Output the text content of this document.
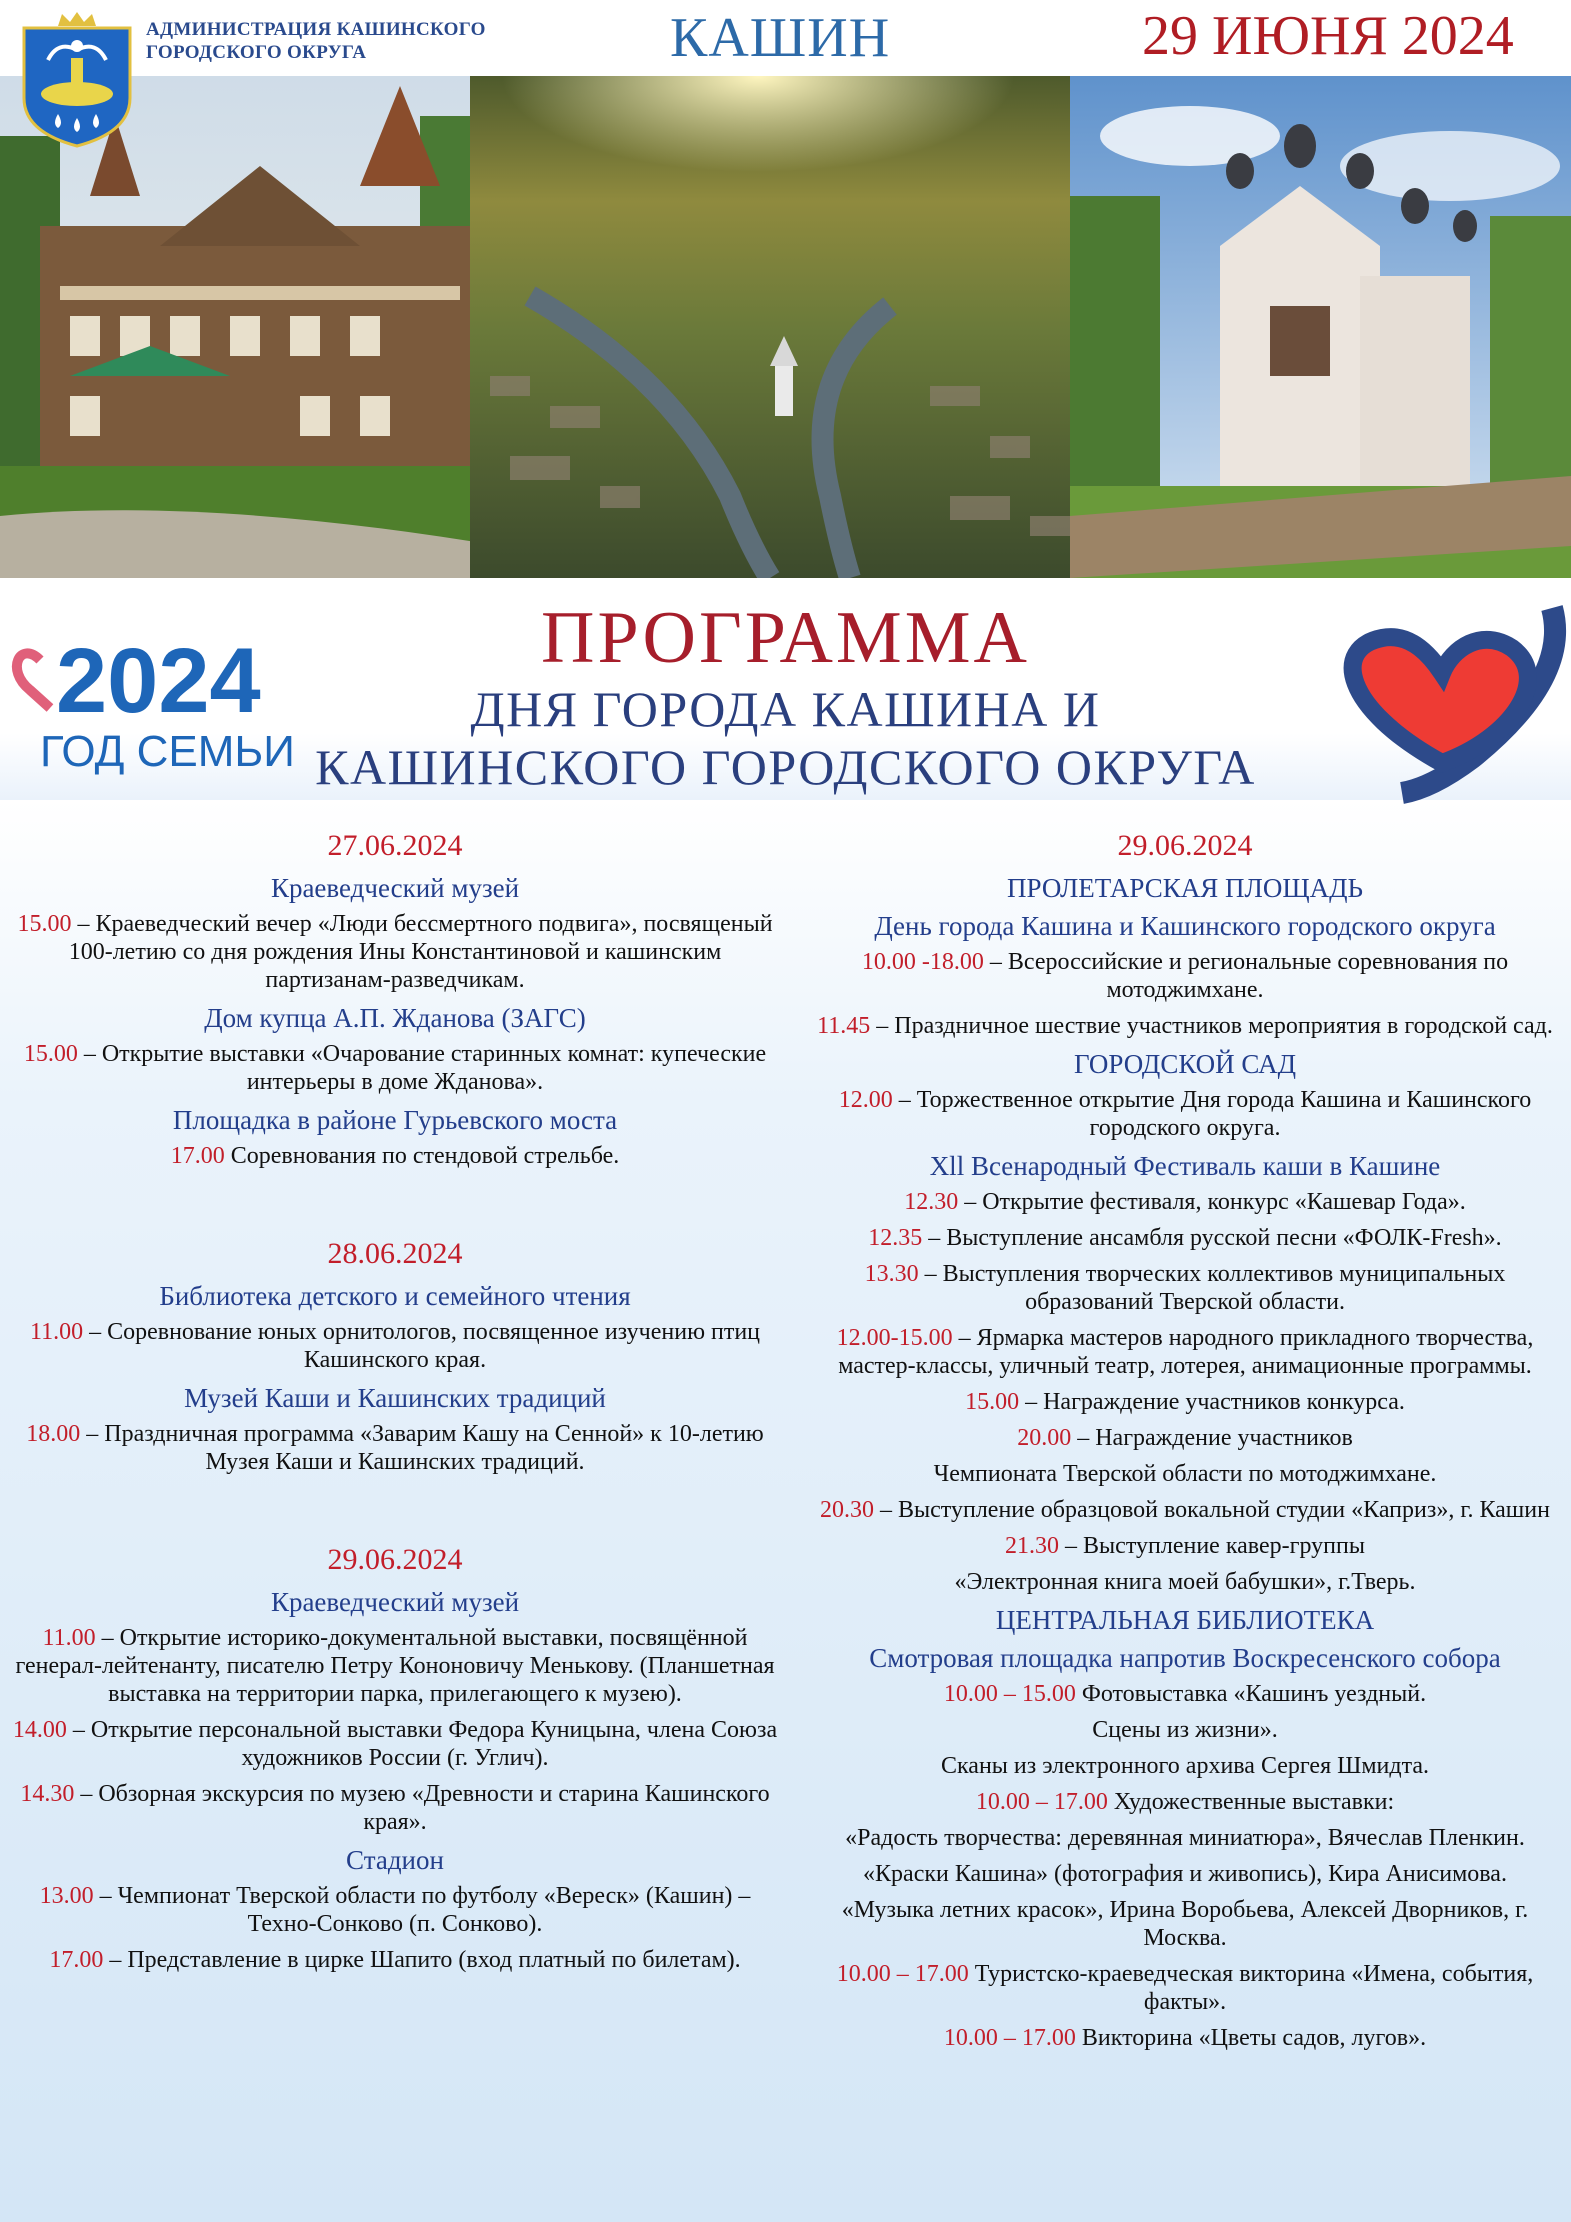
АДМИНИСТРАЦИЯ КАШИНСКОГО
ГОРОДСКОГО ОКРУГА	КАШИН	29 ИЮНЯ 2024
2024
ГОД СЕМЬИ
ПРОГРАММА
ДНЯ ГОРОДА КАШИНА И
КАШИНСКОГО ГОРОДСКОГО ОКРУГА
27.06.2024
Краеведческий музей
15.00 – Краеведческий вечер «Люди бессмертного подвига», посвященый 100-летию со дня рождения Ины Константиновой и кашинским партизанам-разведчикам.
Дом купца А.П. Жданова (ЗАГС)
15.00 – Открытие выставки «Очарование старинных комнат: купеческие интерьеры в доме Жданова».
Площадка в районе Гурьевского моста
17.00 Соревнования по стендовой стрельбе.
28.06.2024
Библиотека детского и семейного чтения
11.00 – Соревнование юных орнитологов, посвященное изучению птиц Кашинского края.
Музей Каши и Кашинских традиций
18.00 – Праздничная программа «Заварим Кашу на Сенной» к 10-летию Музея Каши и Кашинских традиций.
29.06.2024
Краеведческий музей
11.00 – Открытие историко-документальной выставки, посвящённой генерал-лейтенанту, писателю Петру Кононовичу Менькову. (Планшетная выставка на территории парка, прилегающего к музею).
14.00 – Открытие персональной выставки Федора Куницына, члена Союза художников России (г. Углич).
14.30 – Обзорная экскурсия по музею «Древности и старина Кашинского края».
Стадион
13.00 – Чемпионат Тверской области по футболу «Вереск» (Кашин) – Техно-Сонково (п. Сонково).
17.00 – Представление в цирке Шапито (вход платный по билетам).
29.06.2024
ПРОЛЕТАРСКАЯ ПЛОЩАДЬ
День города Кашина и Кашинского городского округа
10.00 -18.00 – Всероссийские и региональные соревнования по мотоджимхане.
11.45 – Праздничное шествие участников мероприятия в городской сад.
ГОРОДСКОЙ САД
12.00 – Торжественное открытие Дня города Кашина и Кашинского городского округа.
Xll Всенародный Фестиваль каши в Кашине
12.30 – Открытие фестиваля, конкурс «Кашевар Года».
12.35 – Выступление ансамбля русской песни «ФОЛК-Fresh».
13.30 – Выступления творческих коллективов муниципальных образований Тверской области.
12.00-15.00 – Ярмарка мастеров народного прикладного творчества, мастер-классы, уличный театр, лотерея, анимационные программы.
15.00 – Награждение участников конкурса.
20.00 – Награждение участников
Чемпионата Тверской области по мотоджимхане.
20.30 – Выступление образцовой вокальной студии «Каприз», г. Кашин
21.30 – Выступление кавер-группы
«Электронная книга моей бабушки», г.Тверь.
ЦЕНТРАЛЬНАЯ БИБЛИОТЕКА
Смотровая площадка напротив Воскресенского собора
10.00 – 15.00 Фотовыставка «Кашинъ уездный.
Сцены из жизни».
Сканы из электронного архива Сергея Шмидта.
10.00 – 17.00 Художественные выставки:
«Радость творчества: деревянная миниатюра», Вячеслав Пленкин.
«Краски Кашина» (фотография и живопись), Кира Анисимова.
«Музыка летних красок», Ирина Воробьева, Алексей Дворников, г. Москва.
10.00 – 17.00 Туристско-краеведческая викторина «Имена, события, факты».
10.00 – 17.00 Викторина «Цветы садов, лугов».
